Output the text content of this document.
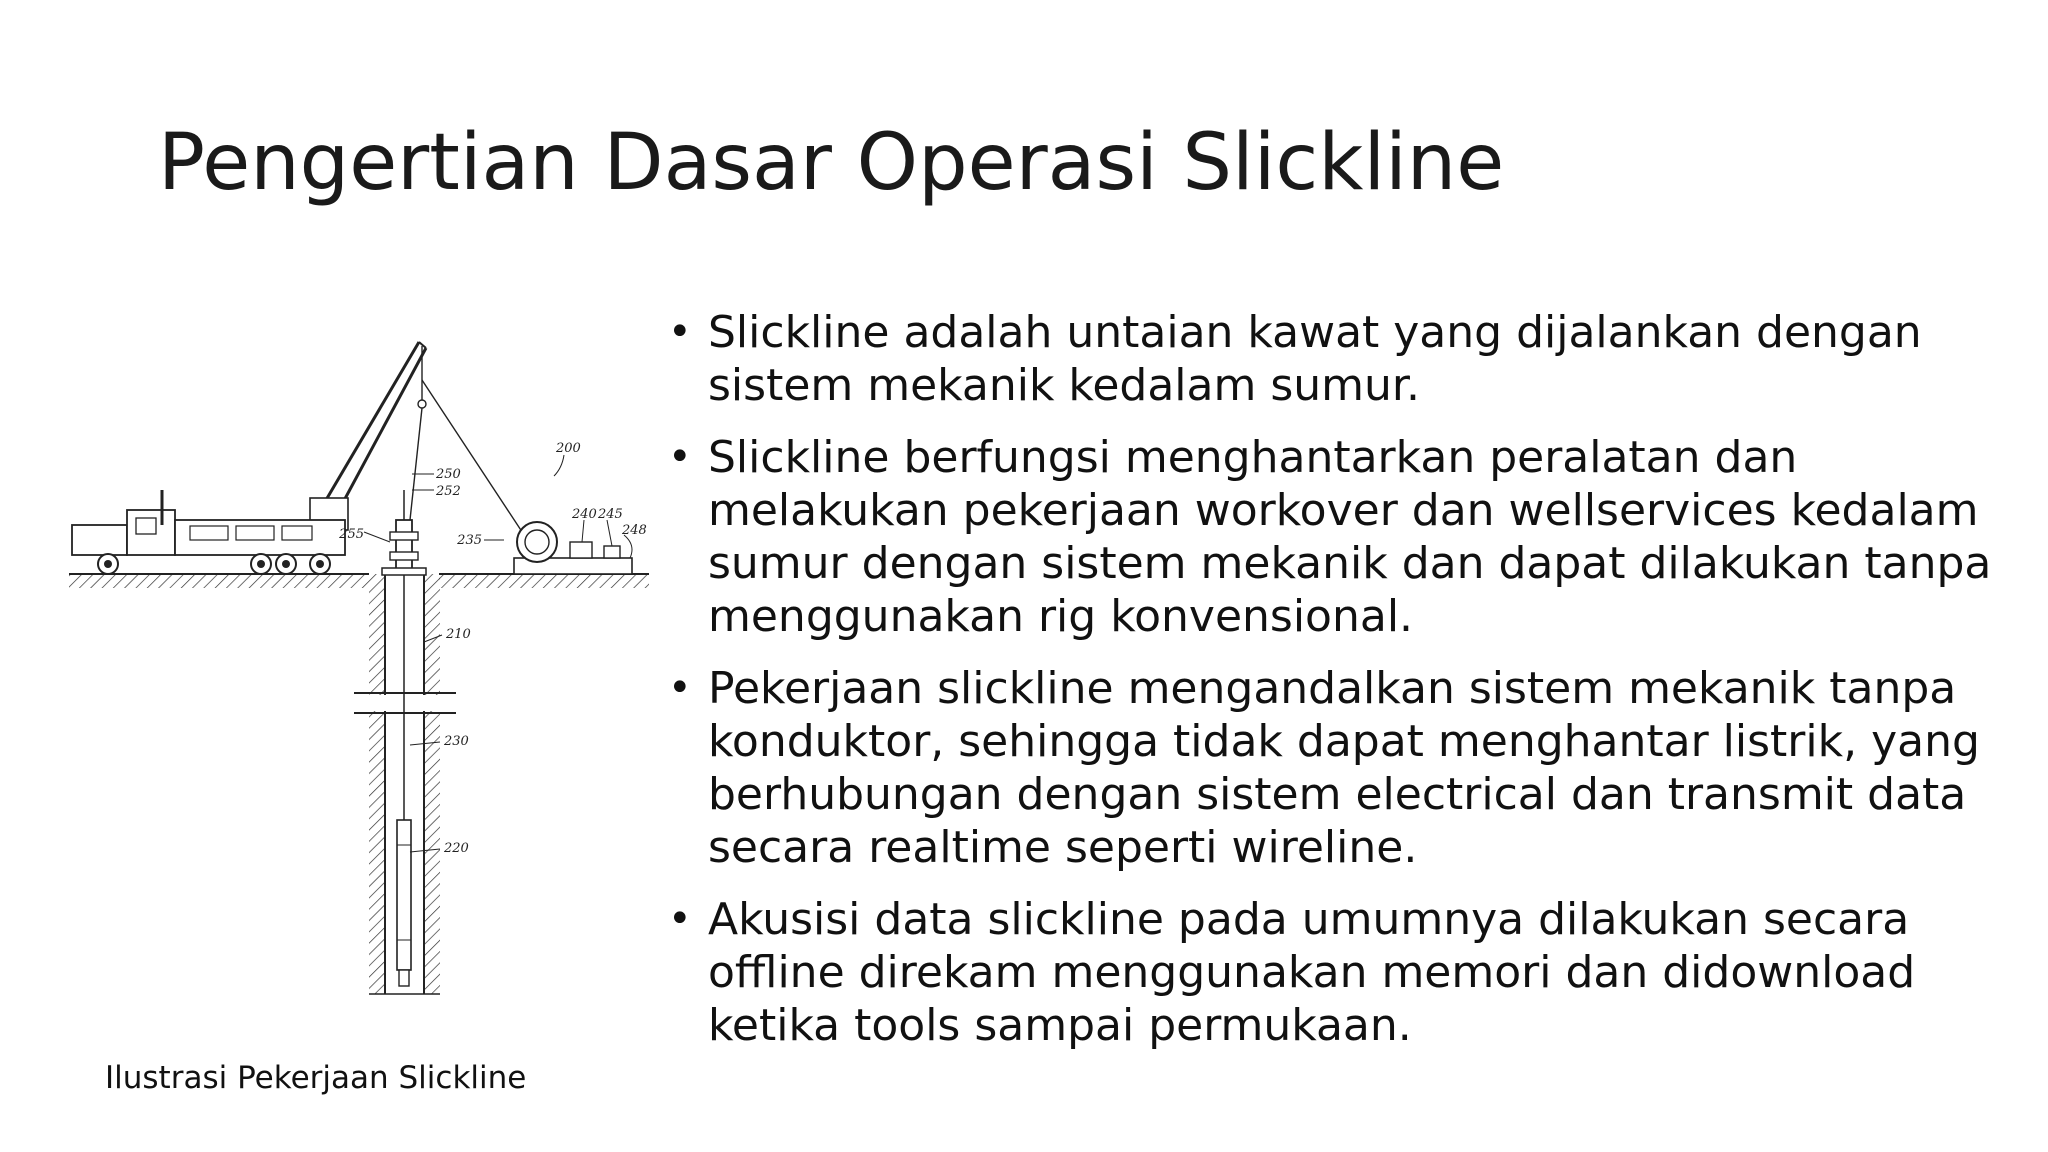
Pengertian Dasar Operasi Slickline
250
252
200
255	235
240 245
248
210
230
220
• Slickline adalah untaian kawat yang dijalankan dengan sistem mekanik kedalam sumur.
• Slickline berfungsi menghantarkan peralatan dan melakukan pekerjaan workover dan wellservices kedalam sumur dengan sistem mekanik dan dapat dilakukan tanpa menggunakan rig konvensional.
• Pekerjaan slickline mengandalkan sistem mekanik tanpa konduktor, sehingga tidak dapat menghantar listrik, yang berhubungan dengan sistem electrical dan transmit data secara realtime seperti wireline.
• Akusisi data slickline pada umumnya dilakukan secara offline direkam menggunakan memori dan didownload ketika tools sampai permukaan.
Ilustrasi Pekerjaan Slickline
